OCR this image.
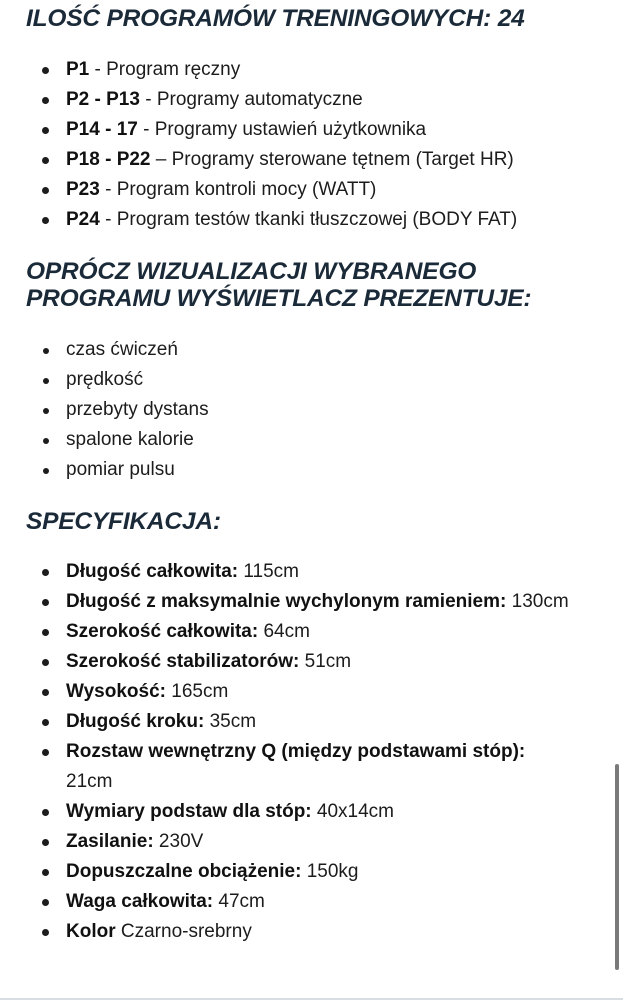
ILOŚĆ PROGRAMÓW TRENINGOWYCH: 24
P1 - Program ręczny
P2 - P13 - Programy automatyczne
P14 - 17 - Programy ustawień użytkownika
P18 - P22 – Programy sterowane tętnem (Target HR)
P23 - Program kontroli mocy (WATT)
P24 - Program testów tkanki tłuszczowej (BODY FAT)
OPRÓCZ WIZUALIZACJI WYBRANEGO
PROGRAMU WYŚWIETLACZ PREZENTUJE:
czas ćwiczeń
prędkość
przebyty dystans
spalone kalorie
pomiar pulsu
SPECYFIKACJA:
Długość całkowita: 115cm
Długość z maksymalnie wychylonym ramieniem: 130cm
Szerokość całkowita: 64cm
Szerokość stabilizatorów: 51cm
Wysokość: 165cm
Długość kroku: 35cm
Rozstaw wewnętrzny Q (między podstawami stóp):
21cm
Wymiary podstaw dla stóp: 40x14cm
Zasilanie: 230V
Dopuszczalne obciążenie: 150kg
Waga całkowita: 47cm
Kolor Czarno-srebrny
